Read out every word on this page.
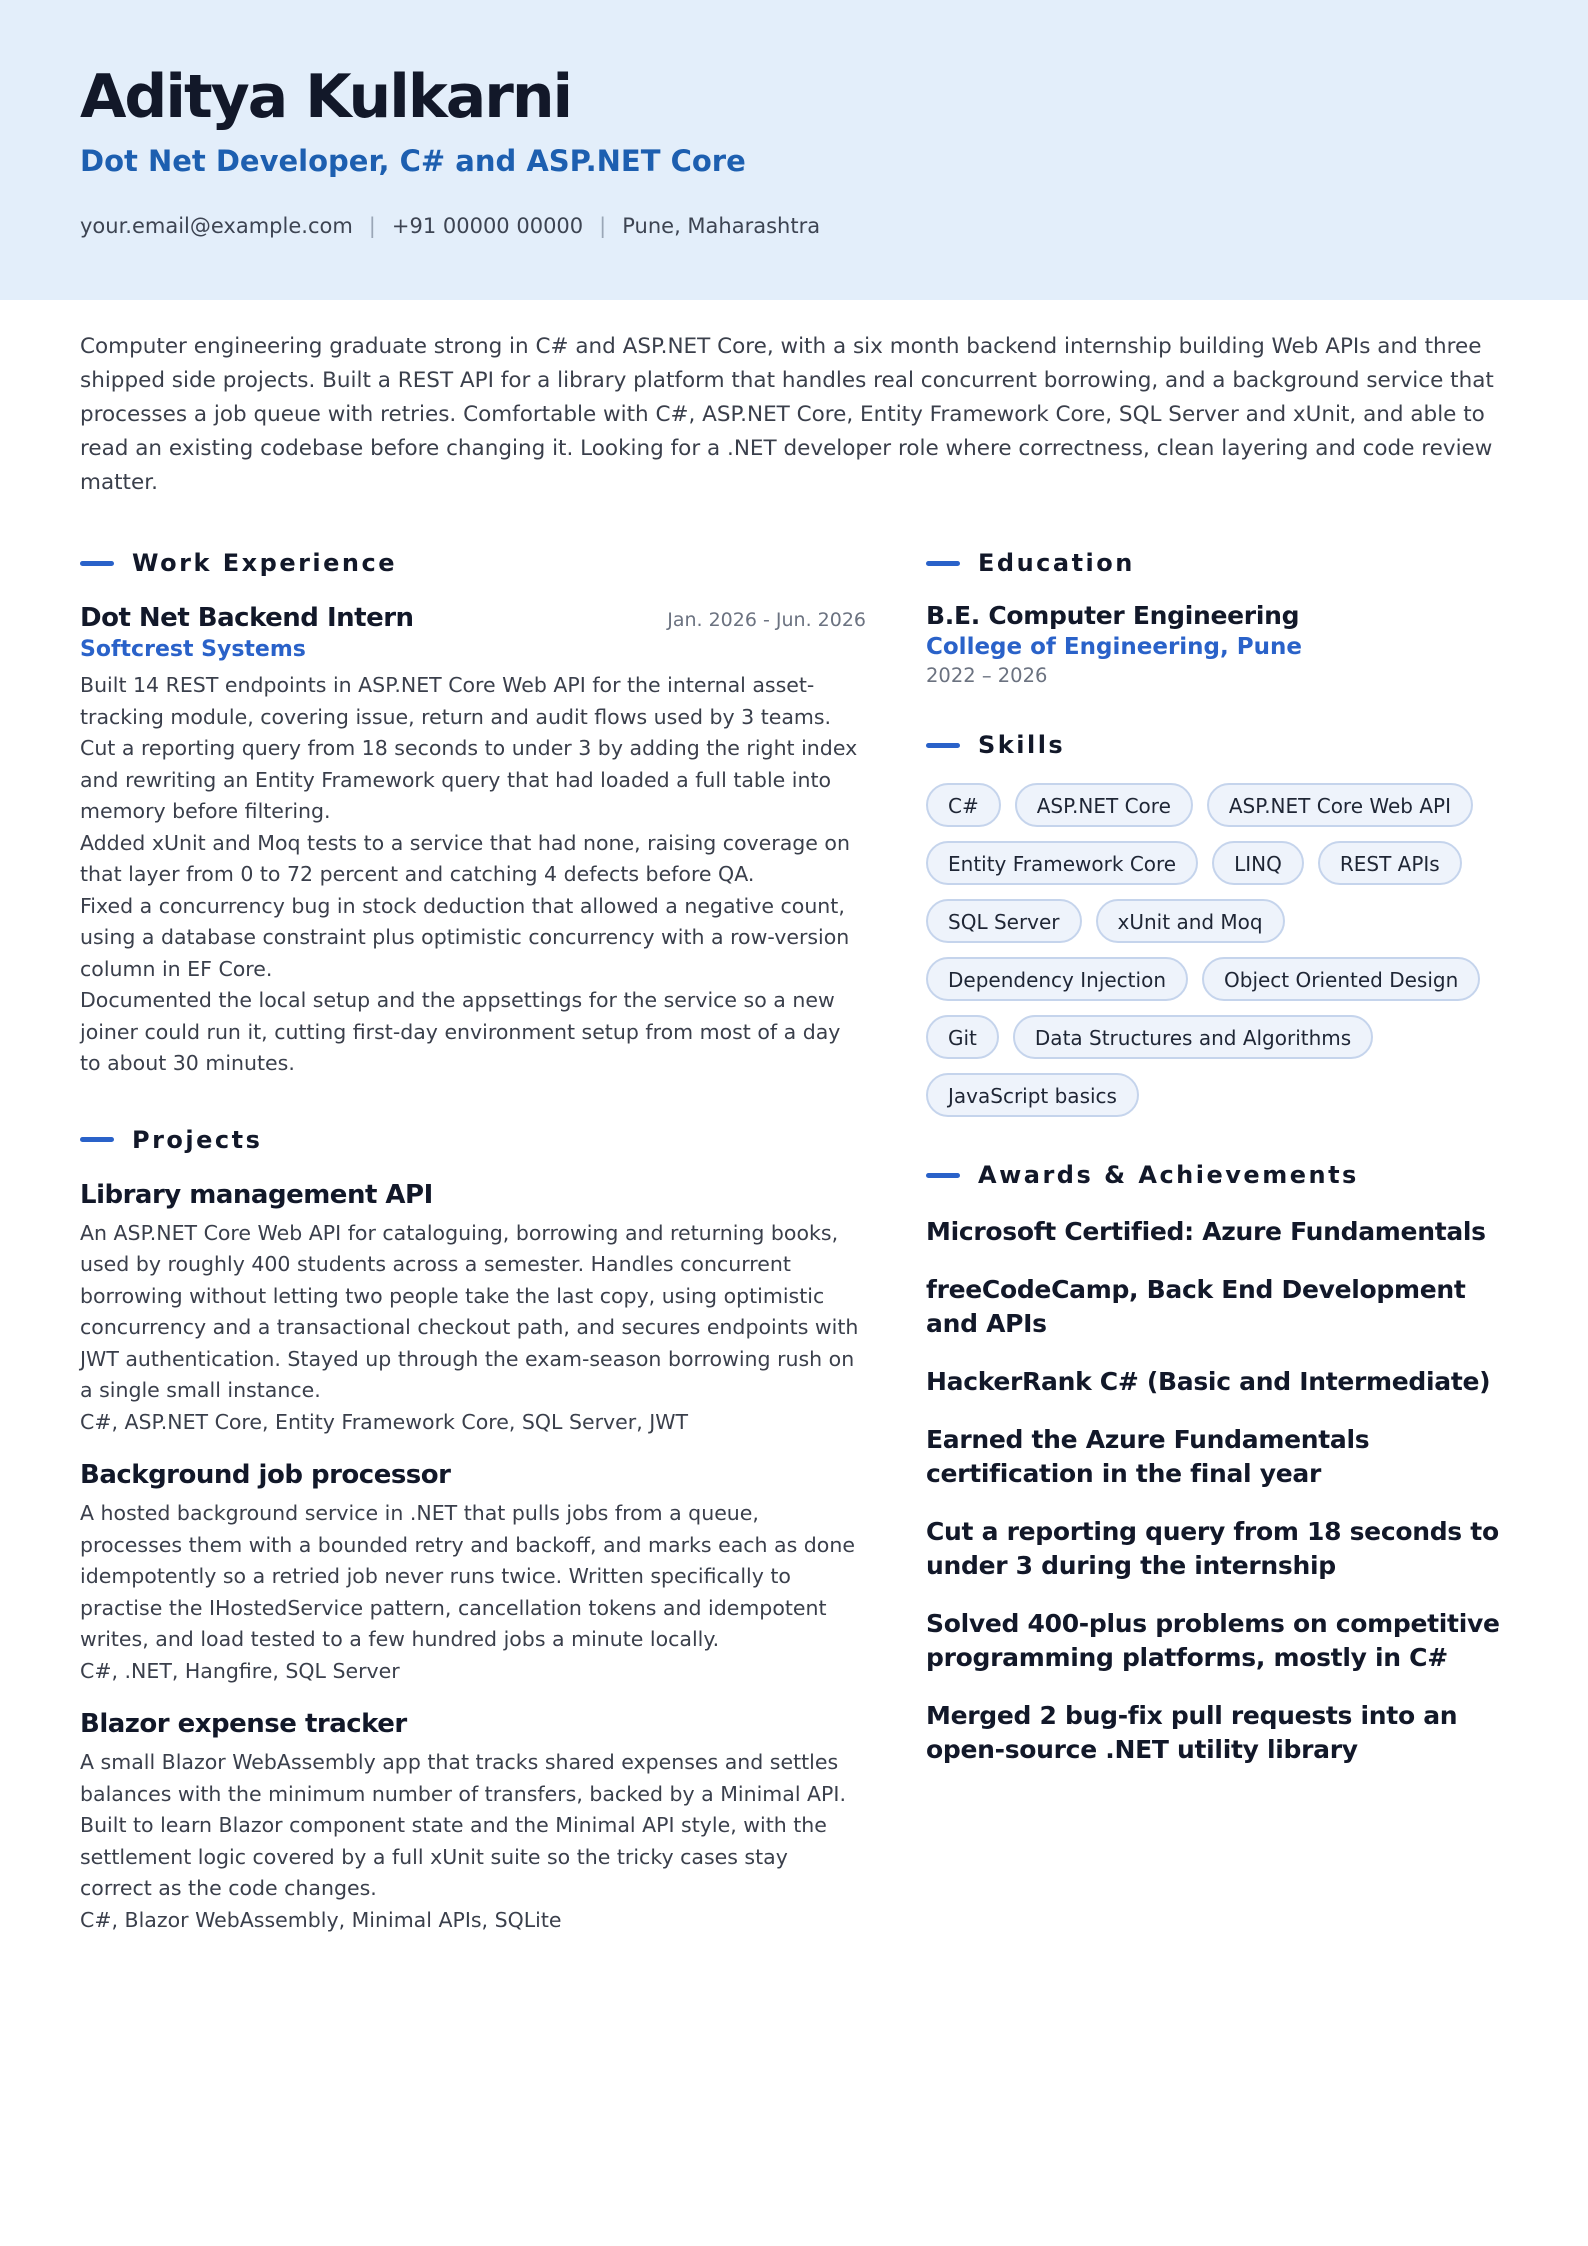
Aditya Kulkarni
Dot Net Developer, C# and ASP.NET Core
your.email@example.com | +91 00000 00000 | Pune, Maharashtra
Computer engineering graduate strong in C# and ASP.NET Core, with a six month backend internship building Web APIs and three shipped side projects. Built a REST API for a library platform that handles real concurrent borrowing, and a background service that processes a job queue with retries. Comfortable with C#, ASP.NET Core, Entity Framework Core, SQL Server and xUnit, and able to read an existing codebase before changing it. Looking for a .NET developer role where correctness, clean layering and code review matter.
Work Experience
Dot Net Backend Intern	Jan. 2026 - Jun. 2026
Softcrest Systems
Built 14 REST endpoints in ASP.NET Core Web API for the internal asset-tracking module, covering issue, return and audit flows used by 3 teams.
Cut a reporting query from 18 seconds to under 3 by adding the right index and rewriting an Entity Framework query that had loaded a full table into memory before filtering.
Added xUnit and Moq tests to a service that had none, raising coverage on that layer from 0 to 72 percent and catching 4 defects before QA.
Fixed a concurrency bug in stock deduction that allowed a negative count, using a database constraint plus optimistic concurrency with a row-version column in EF Core.
Documented the local setup and the appsettings for the service so a new joiner could run it, cutting first-day environment setup from most of a day to about 30 minutes.
Projects
Library management API
An ASP.NET Core Web API for cataloguing, borrowing and returning books, used by roughly 400 students across a semester. Handles concurrent borrowing without letting two people take the last copy, using optimistic concurrency and a transactional checkout path, and secures endpoints with JWT authentication. Stayed up through the exam-season borrowing rush on a single small instance.
C#, ASP.NET Core, Entity Framework Core, SQL Server, JWT
Background job processor
A hosted background service in .NET that pulls jobs from a queue, processes them with a bounded retry and backoff, and marks each as done idempotently so a retried job never runs twice. Written specifically to practise the IHostedService pattern, cancellation tokens and idempotent writes, and load tested to a few hundred jobs a minute locally.
C#, .NET, Hangfire, SQL Server
Blazor expense tracker
A small Blazor WebAssembly app that tracks shared expenses and settles balances with the minimum number of transfers, backed by a Minimal API. Built to learn Blazor component state and the Minimal API style, with the settlement logic covered by a full xUnit suite so the tricky cases stay correct as the code changes.
C#, Blazor WebAssembly, Minimal APIs, SQLite
Education
B.E. Computer Engineering
College of Engineering, Pune
2022 – 2026
Skills
C#	ASP.NET Core	ASP.NET Core Web API
Entity Framework Core	LINQ	REST APIs
SQL Server	xUnit and Moq
Dependency Injection	Object Oriented Design
Git	Data Structures and Algorithms
JavaScript basics
Awards & Achievements
Microsoft Certified: Azure Fundamentals
freeCodeCamp, Back End Development and APIs
HackerRank C# (Basic and Intermediate)
Earned the Azure Fundamentals certification in the final year
Cut a reporting query from 18 seconds to under 3 during the internship
Solved 400-plus problems on competitive programming platforms, mostly in C#
Merged 2 bug-fix pull requests into an open-source .NET utility library
